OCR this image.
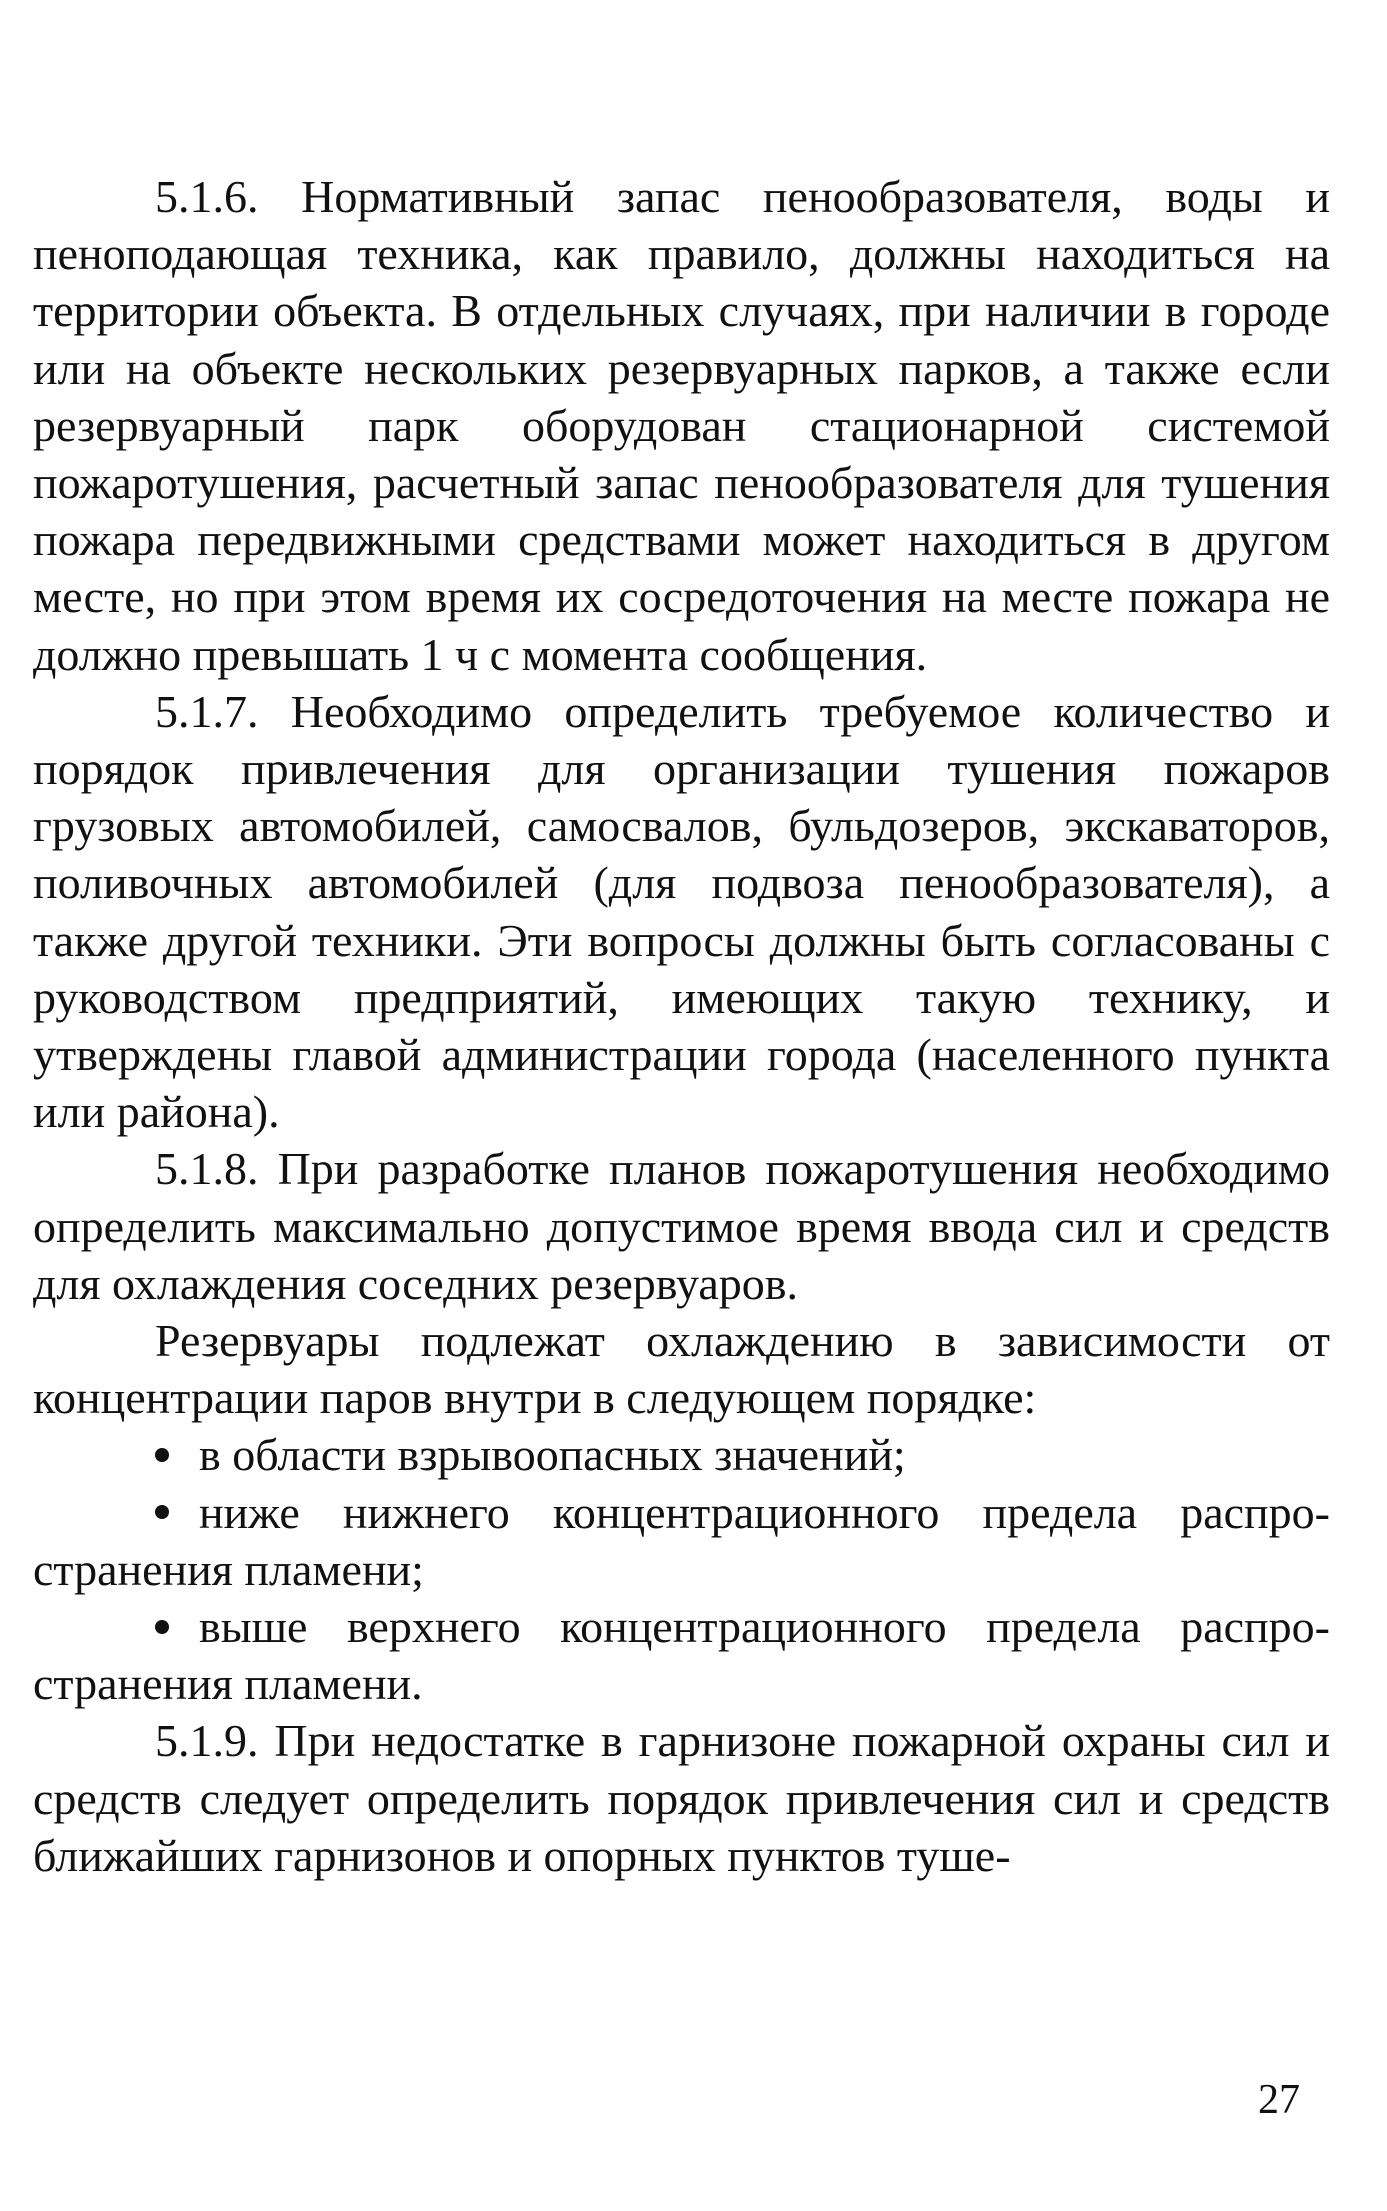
5.1.6. Нормативный запас пенообразователя, воды и пеноподающая техника, как правило, должны находиться на территории объекта. В отдельных случаях, при наличии в городе или на объекте нескольких резервуарных парков, а также если резервуарный парк оборудован стационарной системой пожаротушения, расчетный запас пенообразователя для тушения пожара передвижными средствами может находиться в другом месте, но при этом время их сосредоточения на месте пожара не должно превышать 1 ч с момента сообщения.

5.1.7. Необходимо определить требуемое количество и порядок привлечения для организации тушения пожаров грузовых автомобилей, самосвалов, бульдозеров, экскаваторов, поливочных автомобилей (для подвоза пенообразователя), а также другой техники. Эти вопросы должны быть согласованы с руководством предприятий, имеющих такую технику, и утверждены главой администрации города (населенного пункта или района).

5.1.8. При разработке планов пожаротушения необходимо определить максимально допустимое время ввода сил и средств для охлаждения соседних резервуаров.

Резервуары подлежат охлаждению в зависимости от концентрации паров внутри в следующем порядке:

в области взрывоопасных значений;
ниже нижнего концентрационного предела распространения пламени;
выше верхнего концентрационного предела распространения пламени.

5.1.9. При недостатке в гарнизоне пожарной охраны сил и средств следует определить порядок привлечения сил и средств ближайших гарнизонов и опорных пунктов туше-

27
